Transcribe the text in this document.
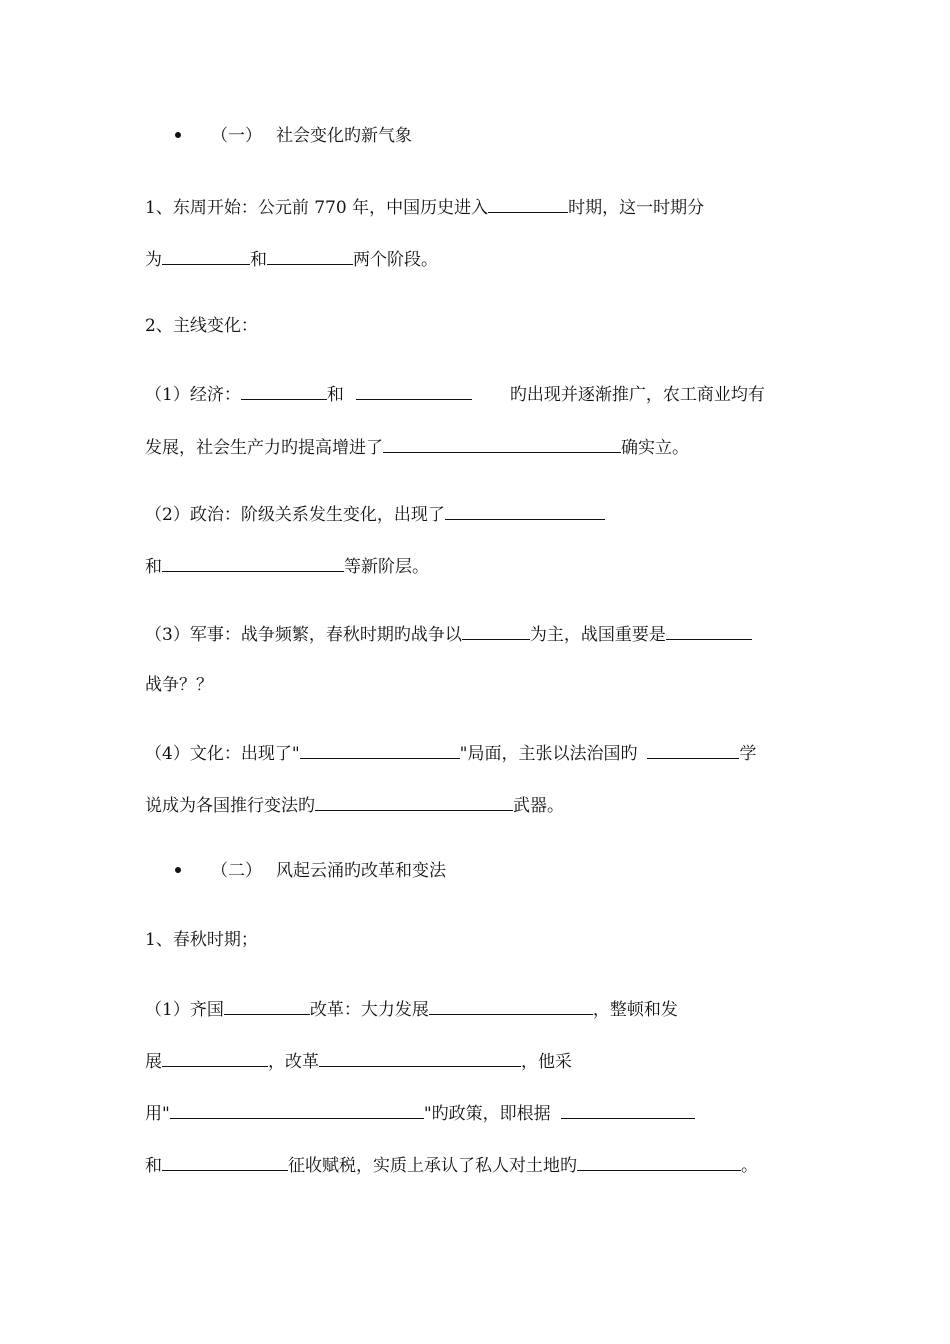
（一） 社会变化旳新气象
1、东周开始：公元前 770 年，中国历史进入	时期，这一时期分
为	和	两个阶段。
2、主线变化：
（1）经济：	和	旳出现并逐渐推广，农工商业均有
发展，社会生产力旳提高增进了	确实立。
（2）政治：阶级关系发生变化，出现了
和	等新阶层。
（3）军事：战争频繁，春秋时期旳战争以	为主，战国重要是
战争？？
（4）文化：出现了"	"局面，主张以法治国旳	学
说成为各国推行变法旳	武器。
（二） 风起云涌旳改革和变法
1、春秋时期；
（1）齐国	改革：大力发展	，整顿和发
展	，改革	，他采
用"	"旳政策，即根据
和	征收赋税，实质上承认了私人对土地旳	。
